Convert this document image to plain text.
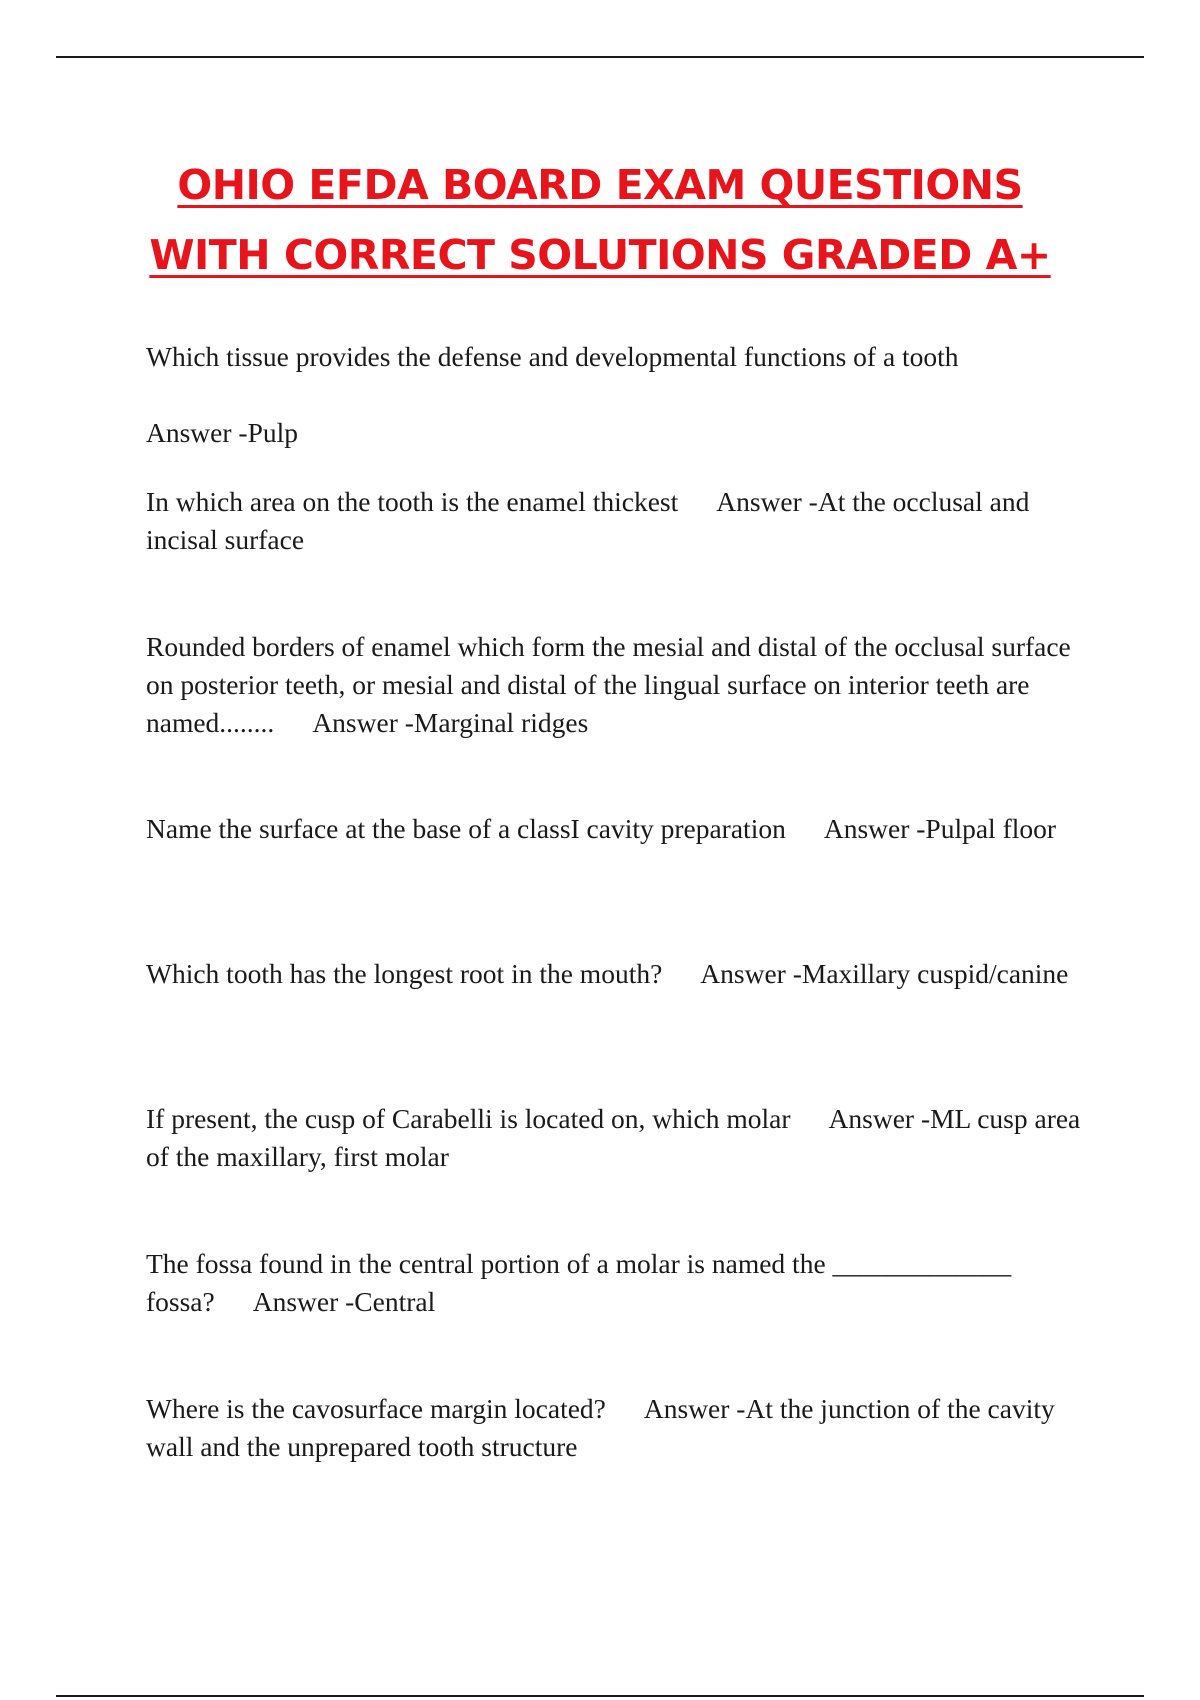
OHIO EFDA BOARD EXAM QUESTIONS
WITH CORRECT SOLUTIONS GRADED A+

Which tissue provides the defense and developmental functions of a tooth

Answer -Pulp

In which area on the tooth is the enamel thickest Answer -At the occlusal and incisal surface

Rounded borders of enamel which form the mesial and distal of the occlusal surface on posterior teeth, or mesial and distal of the lingual surface on interior teeth are named........ Answer -Marginal ridges

Name the surface at the base of a classI cavity preparation Answer -Pulpal floor

Which tooth has the longest root in the mouth? Answer -Maxillary cuspid/canine

If present, the cusp of Carabelli is located on, which molar Answer -ML cusp area of the maxillary, first molar

The fossa found in the central portion of a molar is named the _____________ fossa? Answer -Central

Where is the cavosurface margin located? Answer -At the junction of the cavity wall and the unprepared tooth structure
